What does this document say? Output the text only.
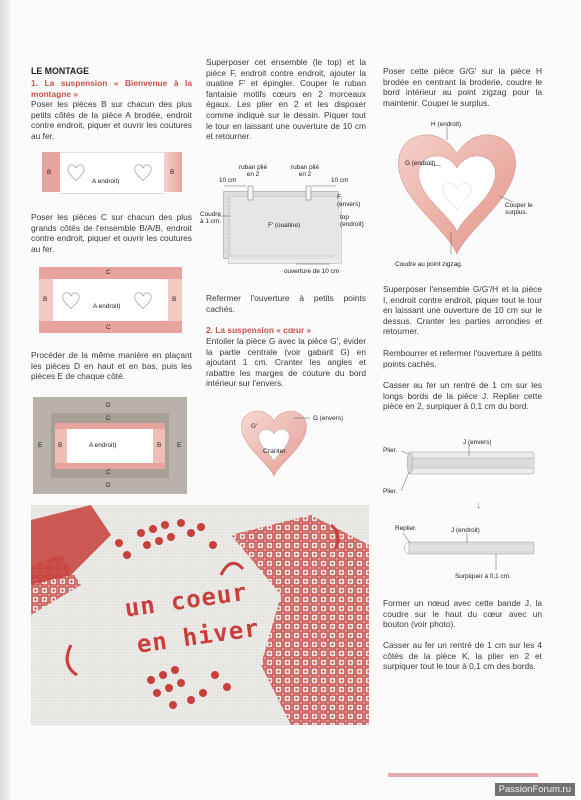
LE MONTAGE
1. La suspension « Bienvenue à la montagne »
Poser les pièces B sur chacun des plus petits côtés de la pièce A brodée, endroit contre endroit, piquer et ouvrir les coutures au fer.
B
A endroit)
B
Poser les pièces C sur chacun des plus grands côtés de l'ensemble B/A/B, endroit contre endroit, piquer et ouvrir les coutures au fer.
C
B
A endroit)
B
C
Procéder de la même manière en plaçant les pièces D en haut et en bas, puis les pièces E de chaque côté.
D
C
E B	A endroit)	B E
C
D
Superposer cet ensemble (le top) et la pièce F, endroit contre endroit, ajouter la ouatine F' et épingler. Couper le ruban fantaisie motifs cœurs en 2 morceaux égaux. Les plier en 2 et les disposer comme indiqué sur le dessin. Piquer tout le tour en laissant une ouverture de 10 cm et retourner.
ruban plié en 2
ruban plié en 2
10 cm	10 cm
Coudre à 1 cm.
F (envers)
top (endroit)
F' (ouatine)
ouverture de 10 cm
Refermer l'ouverture à petits points cachés.
2. La suspension « cœur »
Entoiler la pièce G avec la pièce G', évider la partie centrale (voir gabarit G) en ajoutant 1 cm. Cranter les angles et rabattre les marges de couture du bord intérieur sur l'envers.
G'
G (envers)
Cranter.
Poser cette pièce G/G' sur la pièce H brodée en centrant la broderie, coudre le bord intérieur au point zigzag pour la maintenir. Couper le surplus.
H (endroit)
G (endroit)
Couper le surplus.
Coudre au point zigzag.
Superposer l'ensemble G/G'/H et la pièce I, endroit contre endroit, piquer tout le tour en laissant une ouverture de 10 cm sur le dessus. Cranter les parties arrondies et retourner.
Rembourrer et refermer l'ouverture à petits points cachés.
Casser au fer un rentré de 1 cm sur les longs bords de la pièce J. Replier cette pièce en 2, surpiquer à 0,1 cm du bord.
↓
Plier.
J (envers)
Plier.
Replier.	J (endroit)
Surpiquer à 0,1 cm.
Former un nœud avec cette bande J, la coudre sur le haut du cœur avec un bouton (voir photo).
Casser au fer un rentré de 1 cm sur les 4 côtés de la pièce K, la plier en 2 et surpiquer tout le tour à 0,1 cm des bords.
un coeur
en hiver
PassionForum.ru
